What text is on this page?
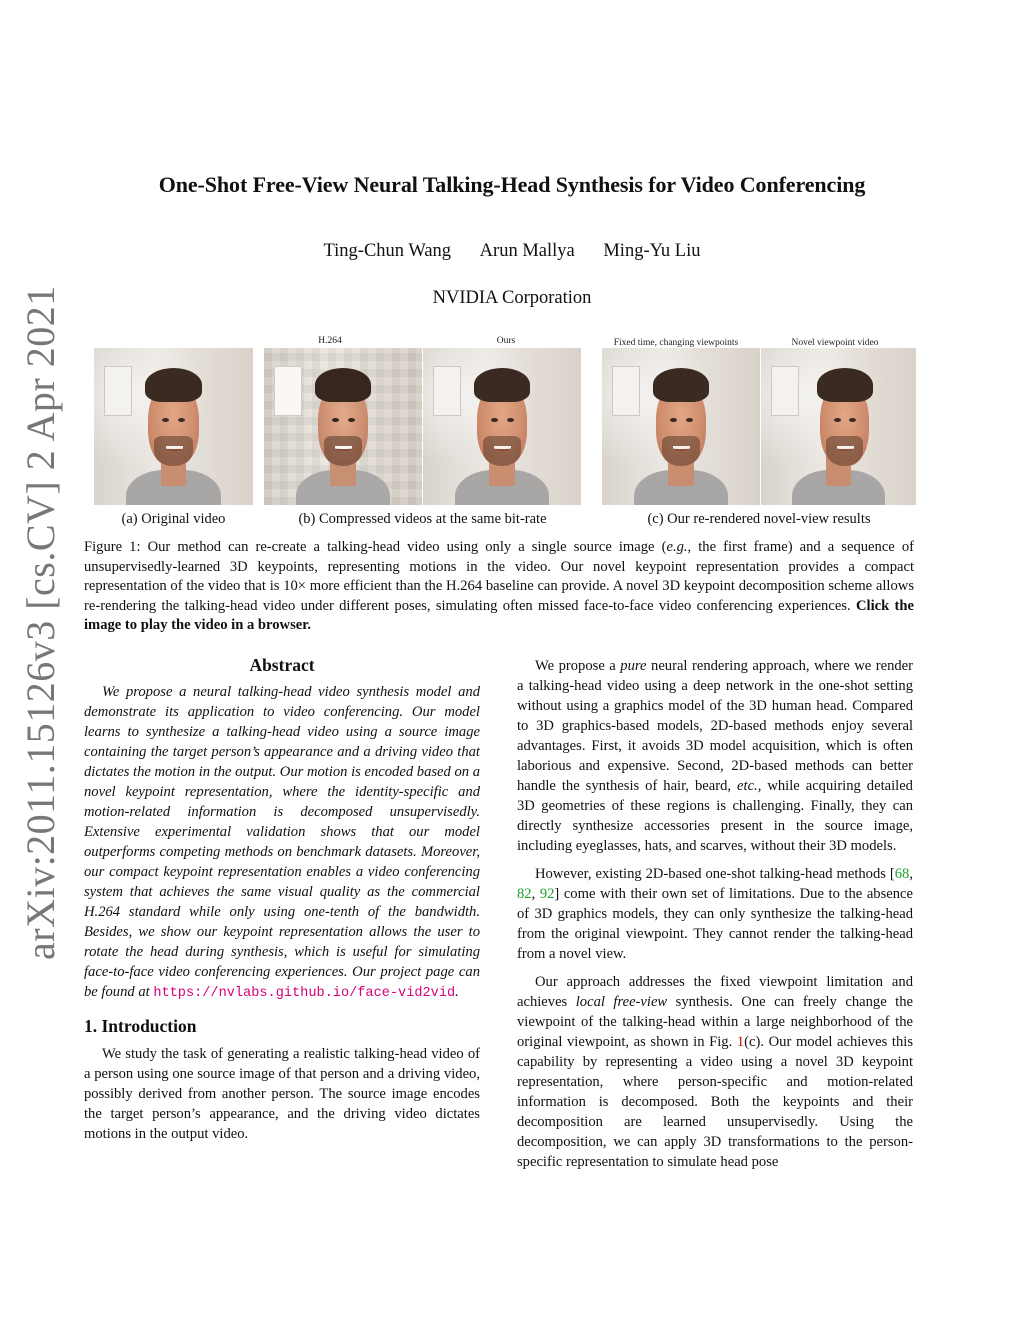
arXiv:2011.15126v3 [cs.CV] 2 Apr 2021
One-Shot Free-View Neural Talking-Head Synthesis for Video Conferencing
Ting-Chun Wang Arun Mallya Ming-Yu Liu
NVIDIA Corporation
H.264	Ours	Fixed time, changing viewpoints	Novel viewpoint video
(a) Original video	(b) Compressed videos at the same bit-rate	(c) Our re-rendered novel-view results
Figure 1: Our method can re-create a talking-head video using only a single source image (e.g., the first frame) and a sequence of unsupervisedly-learned 3D keypoints, representing motions in the video. Our novel keypoint representation provides a compact representation of the video that is 10× more efficient than the H.264 baseline can provide. A novel 3D keypoint decomposition scheme allows re-rendering the talking-head video under different poses, simulating often missed face-to-face video conferencing experiences. Click the image to play the video in a browser.
Abstract
We propose a neural talking-head video synthesis model and demonstrate its application to video conferencing. Our model learns to synthesize a talking-head video using a source image containing the target person’s appearance and a driving video that dictates the motion in the output. Our motion is encoded based on a novel keypoint representation, where the identity-specific and motion-related information is decomposed unsupervisedly. Extensive experimental validation shows that our model outperforms competing methods on benchmark datasets. Moreover, our compact keypoint representation enables a video conferencing system that achieves the same visual quality as the commercial H.264 standard while only using one-tenth of the bandwidth. Besides, we show our keypoint representation allows the user to rotate the head during synthesis, which is useful for simulating face-to-face video conferencing experiences. Our project page can be found at https://nvlabs.github.io/face-vid2vid.
1. Introduction
We study the task of generating a realistic talking-head video of a person using one source image of that person and a driving video, possibly derived from another person. The source image encodes the target person’s appearance, and the driving video dictates motions in the output video.
We propose a pure neural rendering approach, where we render a talking-head video using a deep network in the one-shot setting without using a graphics model of the 3D human head. Compared to 3D graphics-based models, 2D-based methods enjoy several advantages. First, it avoids 3D model acquisition, which is often laborious and expensive. Second, 2D-based methods can better handle the synthesis of hair, beard, etc., while acquiring detailed 3D geometries of these regions is challenging. Finally, they can directly synthesize accessories present in the source image, including eyeglasses, hats, and scarves, without their 3D models.
However, existing 2D-based one-shot talking-head methods [68, 82, 92] come with their own set of limitations. Due to the absence of 3D graphics models, they can only synthesize the talking-head from the original viewpoint. They cannot render the talking-head from a novel view.
Our approach addresses the fixed viewpoint limitation and achieves local free-view synthesis. One can freely change the viewpoint of the talking-head within a large neighborhood of the original viewpoint, as shown in Fig. 1(c). Our model achieves this capability by representing a video using a novel 3D keypoint representation, where person-specific and motion-related information is decomposed. Both the keypoints and their decomposition are learned unsupervisedly. Using the decomposition, we can apply 3D transformations to the person-specific representation to simulate head pose
